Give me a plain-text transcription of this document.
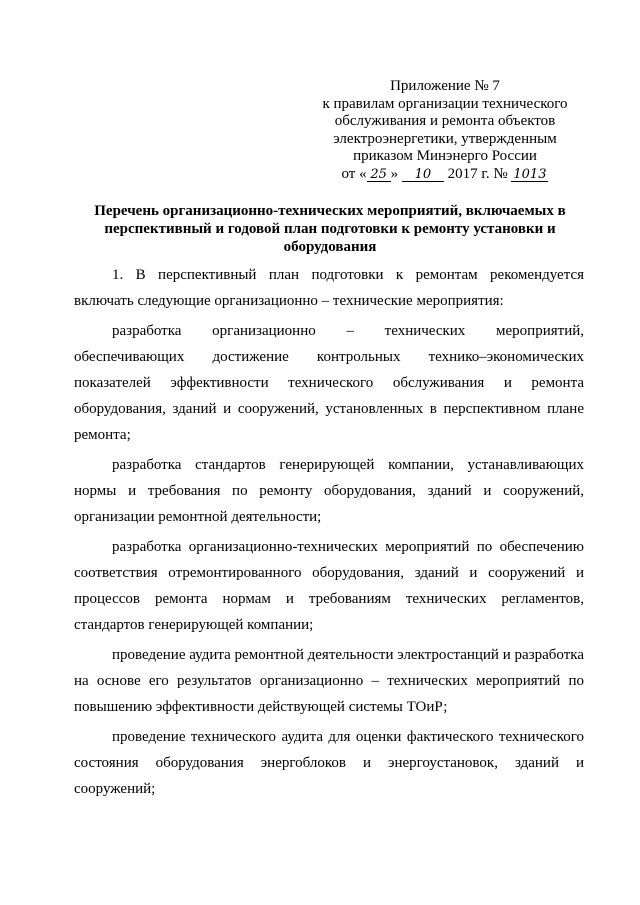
Приложение № 7
к правилам организации технического
обслуживания и ремонта объектов
электроэнергетики, утвержденным
приказом Минэнерго России
от « 25 » 10 2017 г. № 1013
Перечень организационно-технических мероприятий, включаемых в
перспективный и годовой план подготовки к ремонту установки и
оборудования

1. В перспективный план подготовки к ремонтам рекомендуется включать следующие организационно – технические мероприятия:

разработка организационно – технических мероприятий, обеспечивающих достижение контрольных технико–экономических показателей эффективности технического обслуживания и ремонта оборудования, зданий и сооружений, установленных в перспективном плане ремонта;

разработка стандартов генерирующей компании, устанавливающих нормы и требования по ремонту оборудования, зданий и сооружений, организации ремонтной деятельности;

разработка организационно-технических мероприятий по обеспечению соответствия отремонтированного оборудования, зданий и сооружений и процессов ремонта нормам и требованиям технических регламентов, стандартов генерирующей компании;

проведение аудита ремонтной деятельности электростанций и разработка на основе его результатов организационно – технических мероприятий по повышению эффективности действующей системы ТОиР;

проведение технического аудита для оценки фактического технического состояния оборудования энергоблоков и энергоустановок, зданий и сооружений;
